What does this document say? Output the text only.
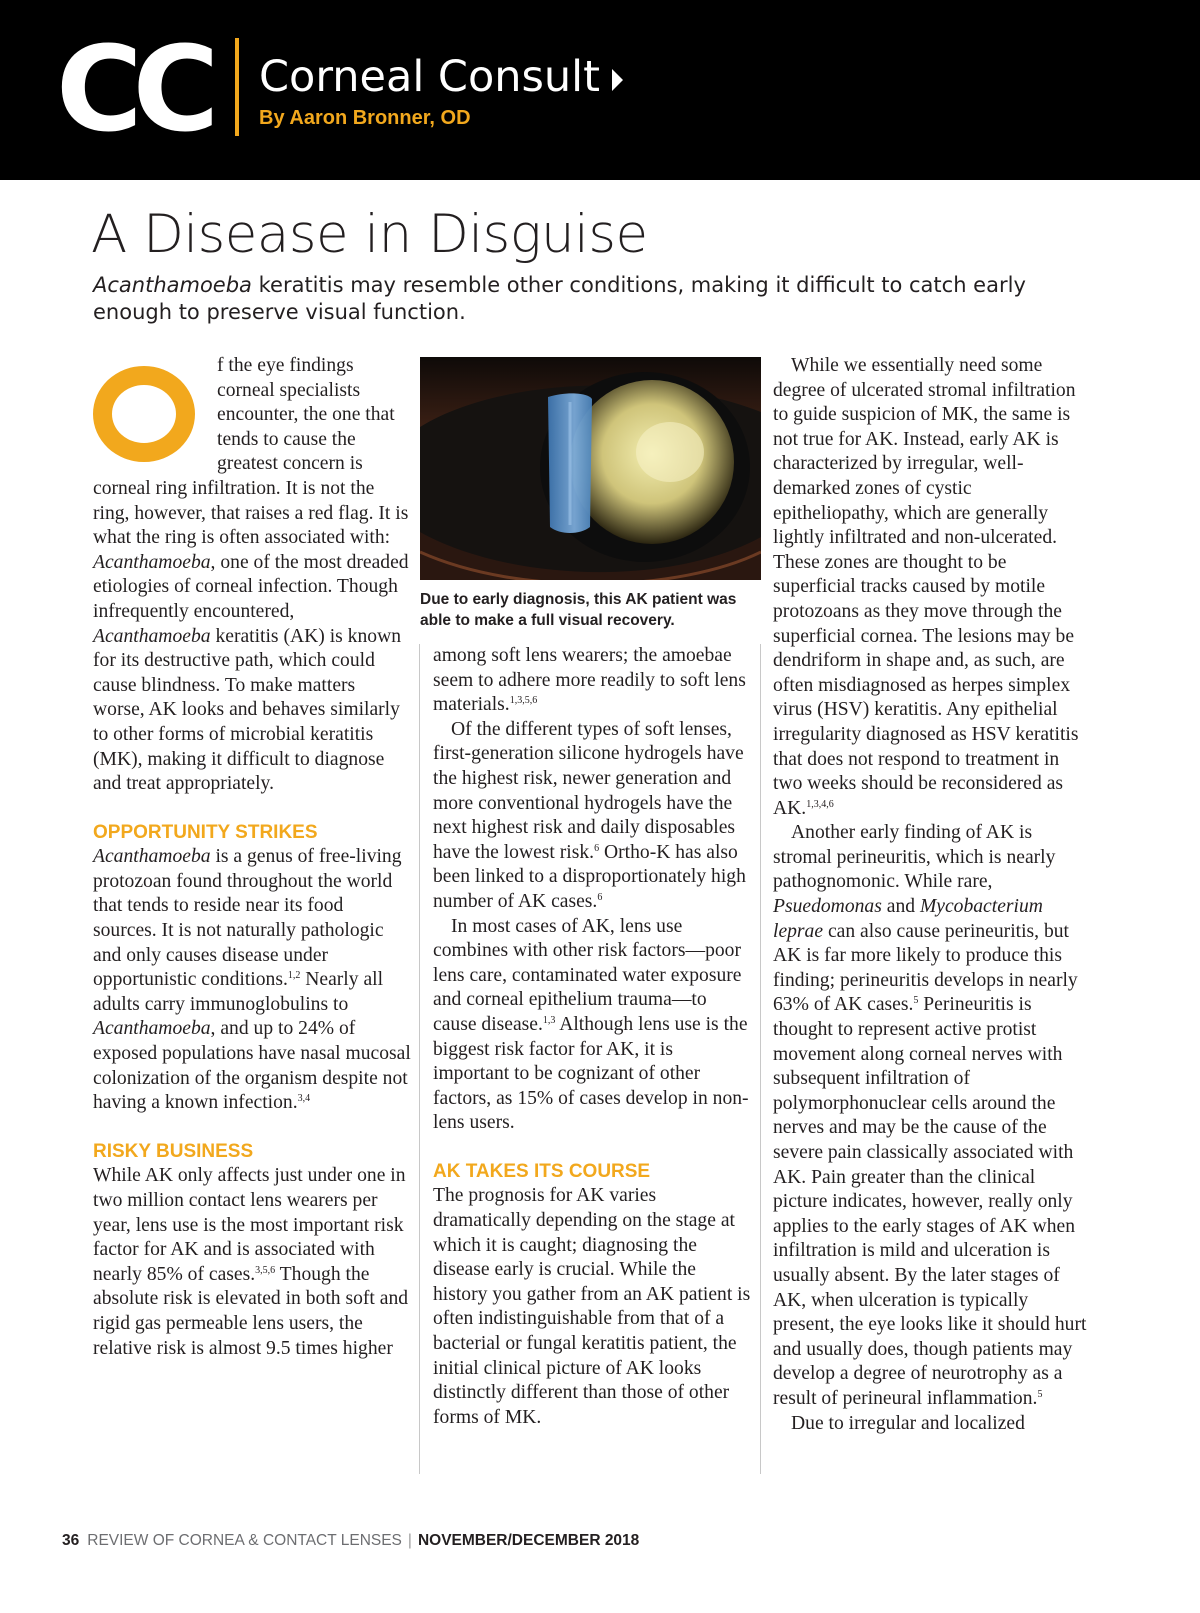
CC Corneal Consult
By Aaron Bronner, OD
A Disease in Disguise

Acanthamoeba keratitis may resemble other conditions, making it difficult to catch early enough to preserve visual function.

f the eye findings corneal specialists encounter, the one that tends to cause the greatest concern is corneal ring infiltration. It is not the ring, however, that raises a red flag. It is what the ring is often associated with: Acanthamoeba, one of the most dreaded etiologies of corneal infection. Though infrequently encountered, Acanthamoeba keratitis (AK) is known for its destructive path, which could cause blindness. To make matters worse, AK looks and behaves similarly to other forms of microbial keratitis (MK), making it difficult to diagnose and treat appropriately.

OPPORTUNITY STRIKES

Acanthamoeba is a genus of free-living protozoan found throughout the world that tends to reside near its food sources. It is not naturally pathologic and only causes disease under opportunistic conditions.$^{1,2}$ Nearly all adults carry immunoglobulins to Acanthamoeba, and up to 24% of exposed populations have nasal mucosal colonization of the organism despite not having a known infection.$^{3,4}$

RISKY BUSINESS

While AK only affects just under one in two million contact lens wearers per year, lens use is the most important risk factor for AK and is associated with nearly 85% of cases.$^{3,5,6}$ Though the absolute risk is elevated in both soft and rigid gas permeable lens users, the relative risk is almost 9.5 times higher

Due to early diagnosis, this AK patient was able to make a full visual recovery.

among soft lens wearers; the amoebae seem to adhere more readily to soft lens materials.$^{1,3,5,6}$

Of the different types of soft lenses, first-generation silicone hydrogels have the highest risk, newer generation and more conventional hydrogels have the next highest risk and daily disposables have the lowest risk.$^6$ Ortho-K has also been linked to a disproportionately high number of AK cases.$^6$

In most cases of AK, lens use combines with other risk factors—poor lens care, contaminated water exposure and corneal epithelium trauma—to cause disease.$^{1,3}$ Although lens use is the biggest risk factor for AK, it is important to be cognizant of other factors, as 15% of cases develop in non-lens users.

AK TAKES ITS COURSE

The prognosis for AK varies dramatically depending on the stage at which it is caught; diagnosing the disease early is crucial. While the history you gather from an AK patient is often indistinguishable from that of a bacterial or fungal keratitis patient, the initial clinical picture of AK looks distinctly different than those of other forms of MK.

While we essentially need some degree of ulcerated stromal infiltration to guide suspicion of MK, the same is not true for AK. Instead, early AK is characterized by irregular, well-demarked zones of cystic epitheliopathy, which are generally lightly infiltrated and non-ulcerated. These zones are thought to be superficial tracks caused by motile protozoans as they move through the superficial cornea. The lesions may be dendriform in shape and, as such, are often misdiagnosed as herpes simplex virus (HSV) keratitis. Any epithelial irregularity diagnosed as HSV keratitis that does not respond to treatment in two weeks should be reconsidered as AK.$^{1,3,4,6}$

Another early finding of AK is stromal perineuritis, which is nearly pathognomonic. While rare, Psuedomonas and Mycobacterium leprae can also cause perineuritis, but AK is far more likely to produce this finding; perineuritis develops in nearly 63% of AK cases.$^5$ Perineuritis is thought to represent active protist movement along corneal nerves with subsequent infiltration of polymorphonuclear cells around the nerves and may be the cause of the severe pain classically associated with AK. Pain greater than the clinical picture indicates, however, really only applies to the early stages of AK when infiltration is mild and ulceration is usually absent. By the later stages of AK, when ulceration is typically present, the eye looks like it should hurt and usually does, though patients may develop a degree of neurotrophy as a result of perineural inflammation.$^5$

Due to irregular and localized

36 REVIEW OF CORNEA & CONTACT LENSES | NOVEMBER/DECEMBER 2018
